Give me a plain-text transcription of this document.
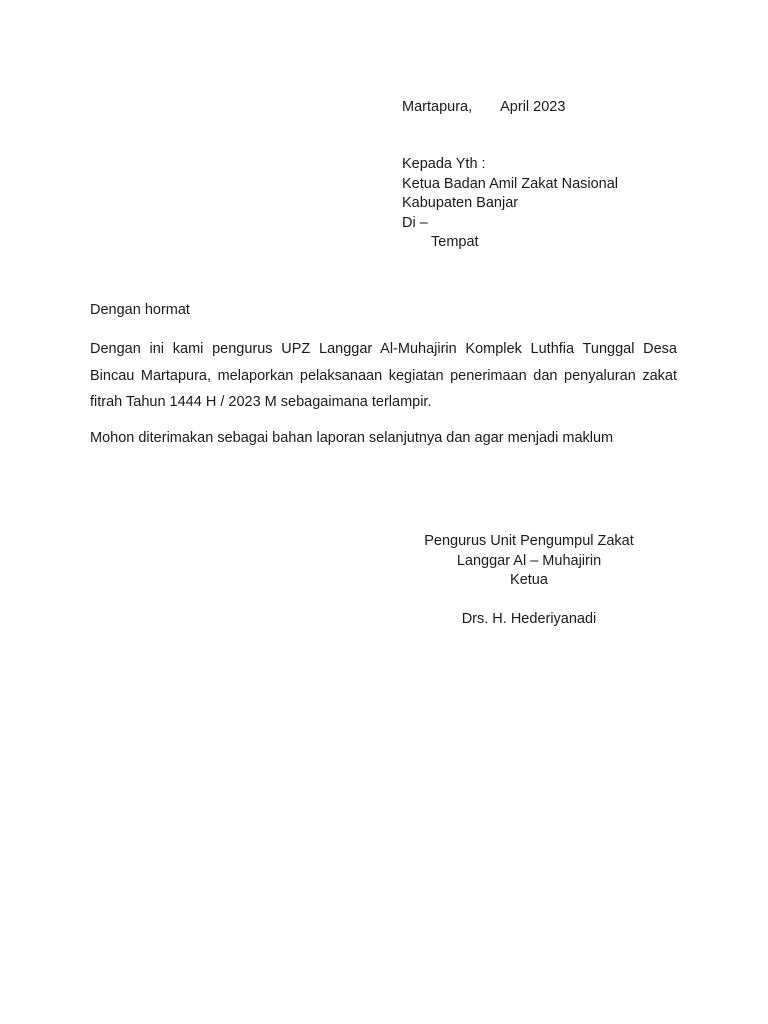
Martapura, April 2023
Kepada Yth :
Ketua Badan Amil Zakat Nasional
Kabupaten Banjar
Di –
Tempat
Dengan hormat
Dengan ini kami pengurus UPZ Langgar Al-Muhajirin Komplek Luthfia Tunggal Desa Bincau Martapura, melaporkan pelaksanaan kegiatan penerimaan dan penyaluran zakat fitrah Tahun 1444 H / 2023 M sebagaimana terlampir.
Mohon diterimakan sebagai bahan laporan selanjutnya dan agar menjadi maklum
Pengurus Unit Pengumpul Zakat
Langgar Al – Muhajirin
Ketua
Drs. H. Hederiyanadi
